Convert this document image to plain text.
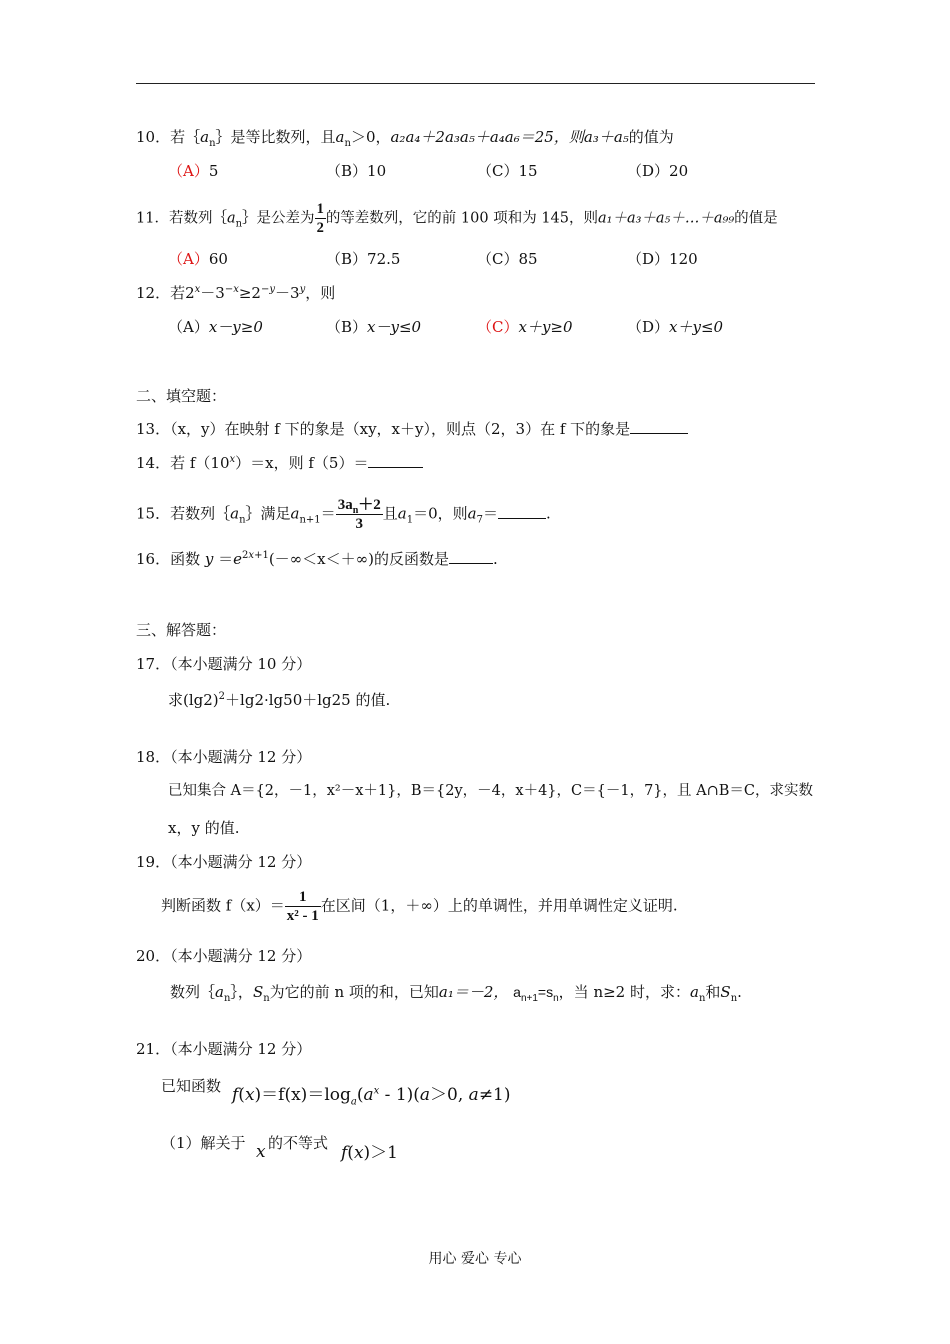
10．若$\{a_n\}$是等比数列，且$a_n>0$，a₂a₄＋2a₃a₅＋a₄a₆＝25，则a₃＋a₅的值为
（A）5	（B）10	（C）15	（D）20
11．若数列$\{a_n\}$是公差为 $\frac{1}{2}$ 的等差数列，它的前 100 项和为 145，则a₁＋a₃＋a₅＋…＋a₉₉的值是
（A）60	（B）72.5	（C）85	（D）120
12．若$2^x-3^{-x}\ge 2^{-y}-3^y$，则
（A）x－y≥0	（B）x－y≤0	（C）x＋y≥0	（D）x＋y≤0
二、填空题：
13．（x，y）在映射 f 下的象是（xy，x＋y），则点（2，3）在 f 下的象是
14．若 $f(10^x)=x$，则 f（5）＝
15．若数列$\{a_n\}$满足$a_{n+1}= \frac{3a_n+2}{3}$ 且$a_1=0$，则$a_7=$	.
16．函数 $y =e^{2x+1}(-\infty<x<+\infty)$的反函数是	.
三、解答题：
17．（本小题满分 10 分）
求$(\lg 2)^2+\lg 2\cdot\lg 50+\lg 25$ 的值.
18．（本小题满分 12 分）
已知集合 A＝{2，－1，x²－x＋1}，B＝{2y，－4，x＋4}，C＝{－1，7}，且 A∩B＝C，求实数
x，y 的值.
19．（本小题满分 12 分）
判断函数 $f(x)= \frac{1}{\text{x² - 1}}$ 在区间（1，＋∞）上的单调性，并用单调性定义证明.
20．（本小题满分 12 分）
数列$\{a_n\}$，$S_n$为它的前 n 项的和，已知a₁＝－2， $a_{n+1}=s_n$，当 n≥2 时，求：$a_n$和$S_n$.
21．（本小题满分 12 分）
已知函数 $f(x)=f(x)=\log_a(a^x - 1)(a>0$, a≠1)
（1）解关于 x 的不等式 f(x)＞1
用心 爱心 专心
